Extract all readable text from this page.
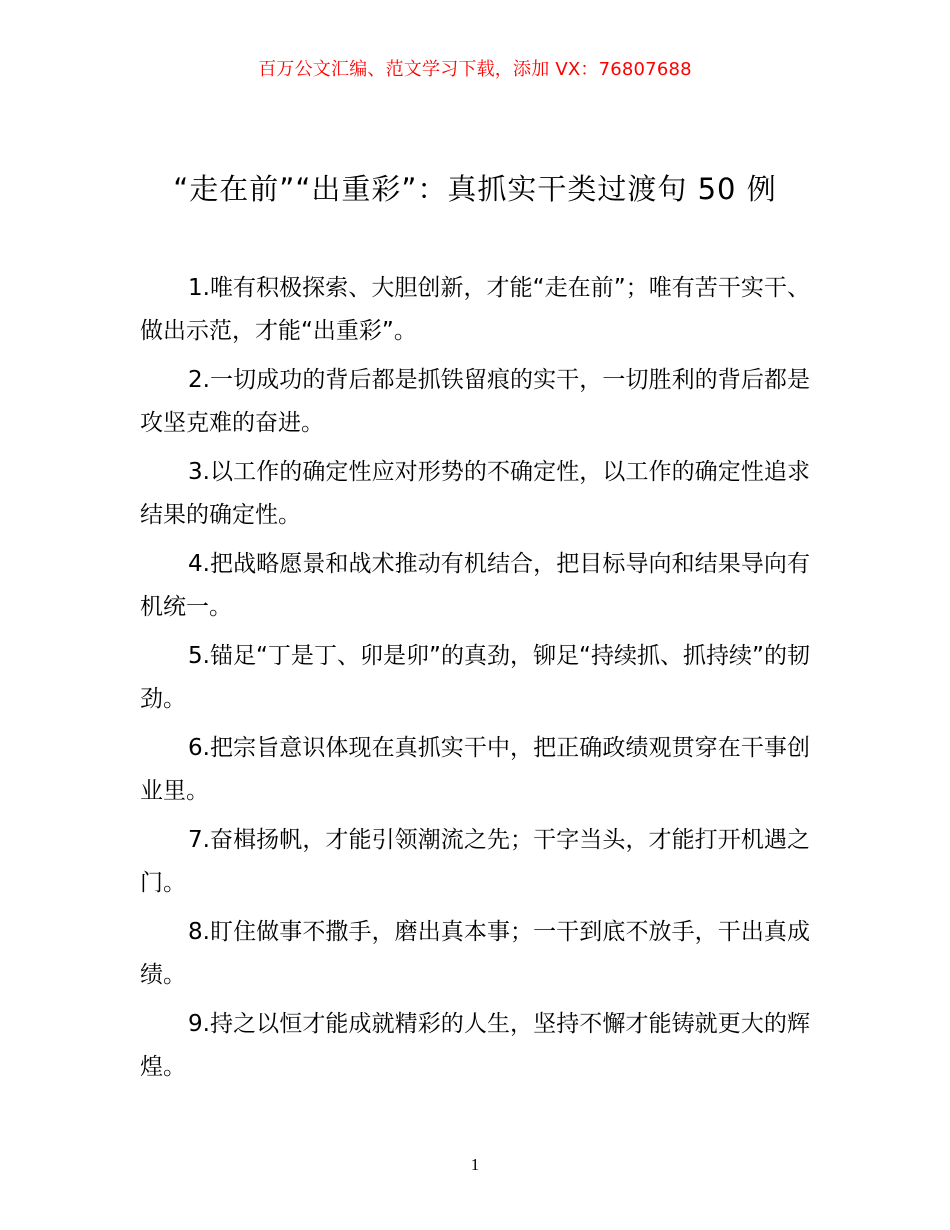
百万公文汇编、范文学习下载，添加 VX：76807688
“走在前”“出重彩”：真抓实干类过渡句 50 例

1.唯有积极探索、大胆创新，才能“走在前”；唯有苦干实干、做出示范，才能“出重彩”。

2.一切成功的背后都是抓铁留痕的实干，一切胜利的背后都是攻坚克难的奋进。

3.以工作的确定性应对形势的不确定性，以工作的确定性追求结果的确定性。

4.把战略愿景和战术推动有机结合，把目标导向和结果导向有机统一。

5.锚足“丁是丁、卯是卯”的真劲，铆足“持续抓、抓持续”的韧劲。

6.把宗旨意识体现在真抓实干中，把正确政绩观贯穿在干事创业里。

7.奋楫扬帆，才能引领潮流之先；干字当头，才能打开机遇之门。

8.盯住做事不撒手，磨出真本事；一干到底不放手，干出真成绩。

9.持之以恒才能成就精彩的人生，坚持不懈才能铸就更大的辉煌。

1
